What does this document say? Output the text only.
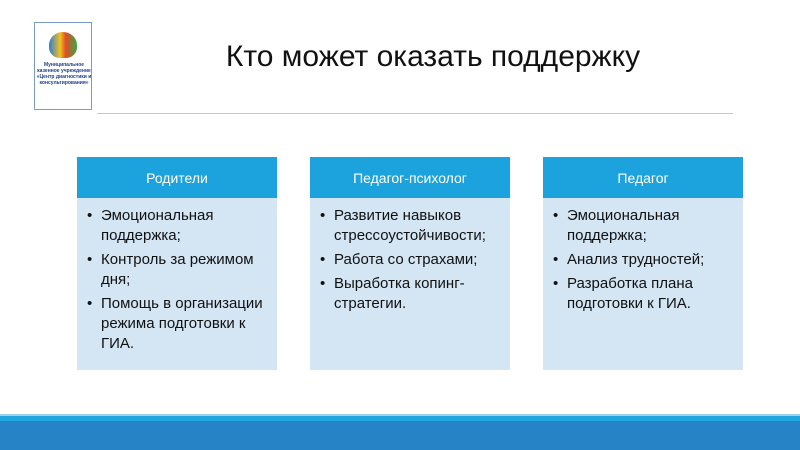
Муниципальное казенное учреждение «Центр диагностики и консультирования»
Кто может оказать поддержку
Родители
• Эмоциональная поддержка;
• Контроль за режимом дня;
• Помощь в организации режима подготовки к ГИА.
Педагог-психолог
• Развитие навыков стрессоустойчивости;
• Работа со страхами;
• Выработка копинг-стратегии.
Педагог
• Эмоциональная поддержка;
• Анализ трудностей;
• Разработка плана подготовки к ГИА.
